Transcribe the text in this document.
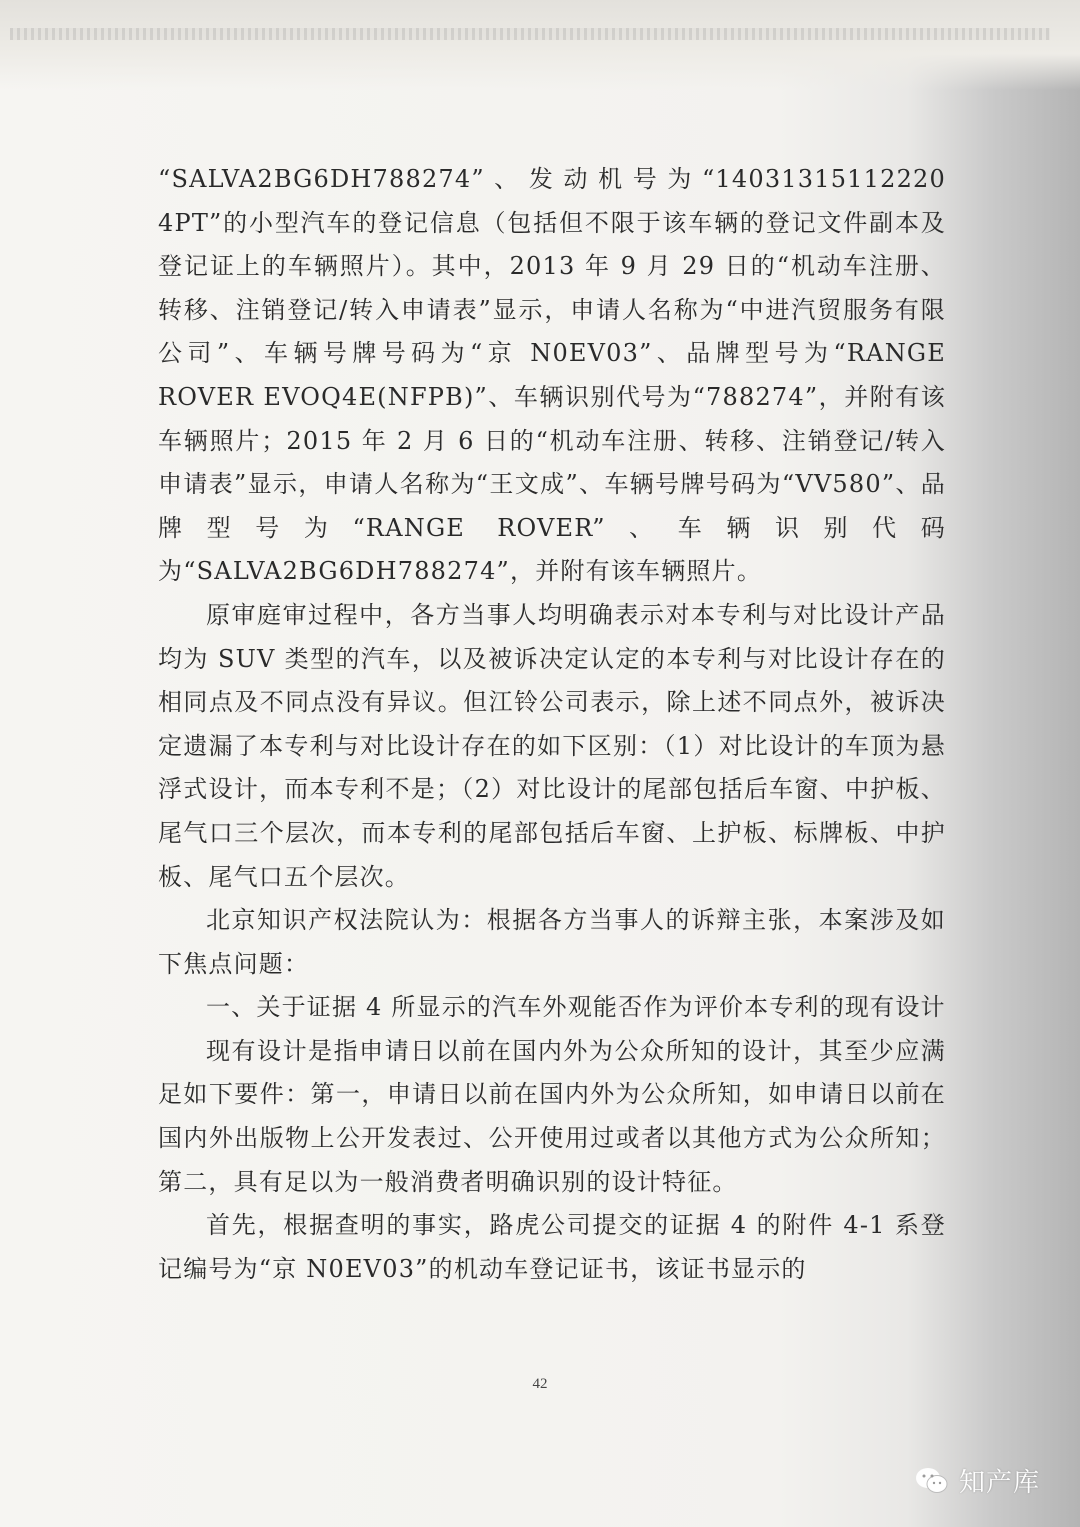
“SALVA2BG6DH788274”、发动机号为“14031315112220 4PT”的小型汽车的登记信息（包括但不限于该车辆的登记文件副本及登记证上的车辆照片）。其中，2013 年 9 月 29 日的“机动车注册、转移、注销登记/转入申请表”显示，申请人名称为“中进汽贸服务有限公司”、车辆号牌号码为“京 N0EV03”、品牌型号为“RANGE ROVER EVOQ4E(NFPB)”、车辆识别代号为“788274”，并附有该车辆照片；2015 年 2 月 6 日的“机动车注册、转移、注销登记/转入申请表”显示，申请人名称为“王文成”、车辆号牌号码为“VV580”、品牌型号为“RANGE ROVER”、车辆识别代码为“SALVA2BG6DH788274”，并附有该车辆照片。

原审庭审过程中，各方当事人均明确表示对本专利与对比设计产品均为 SUV 类型的汽车，以及被诉决定认定的本专利与对比设计存在的相同点及不同点没有异议。但江铃公司表示，除上述不同点外，被诉决定遗漏了本专利与对比设计存在的如下区别：（1）对比设计的车顶为悬浮式设计，而本专利不是；（2）对比设计的尾部包括后车窗、中护板、尾气口三个层次，而本专利的尾部包括后车窗、上护板、标牌板、中护板、尾气口五个层次。

北京知识产权法院认为：根据各方当事人的诉辩主张，本案涉及如下焦点问题：

一、关于证据 4 所显示的汽车外观能否作为评价本专利的现有设计

现有设计是指申请日以前在国内外为公众所知的设计，其至少应满足如下要件：第一，申请日以前在国内外为公众所知，如申请日以前在国内外出版物上公开发表过、公开使用过或者以其他方式为公众所知；第二，具有足以为一般消费者明确识别的设计特征。

首先，根据查明的事实，路虎公司提交的证据 4 的附件 4-1 系登记编号为“京 N0EV03”的机动车登记证书，该证书显示的

42
知产库
